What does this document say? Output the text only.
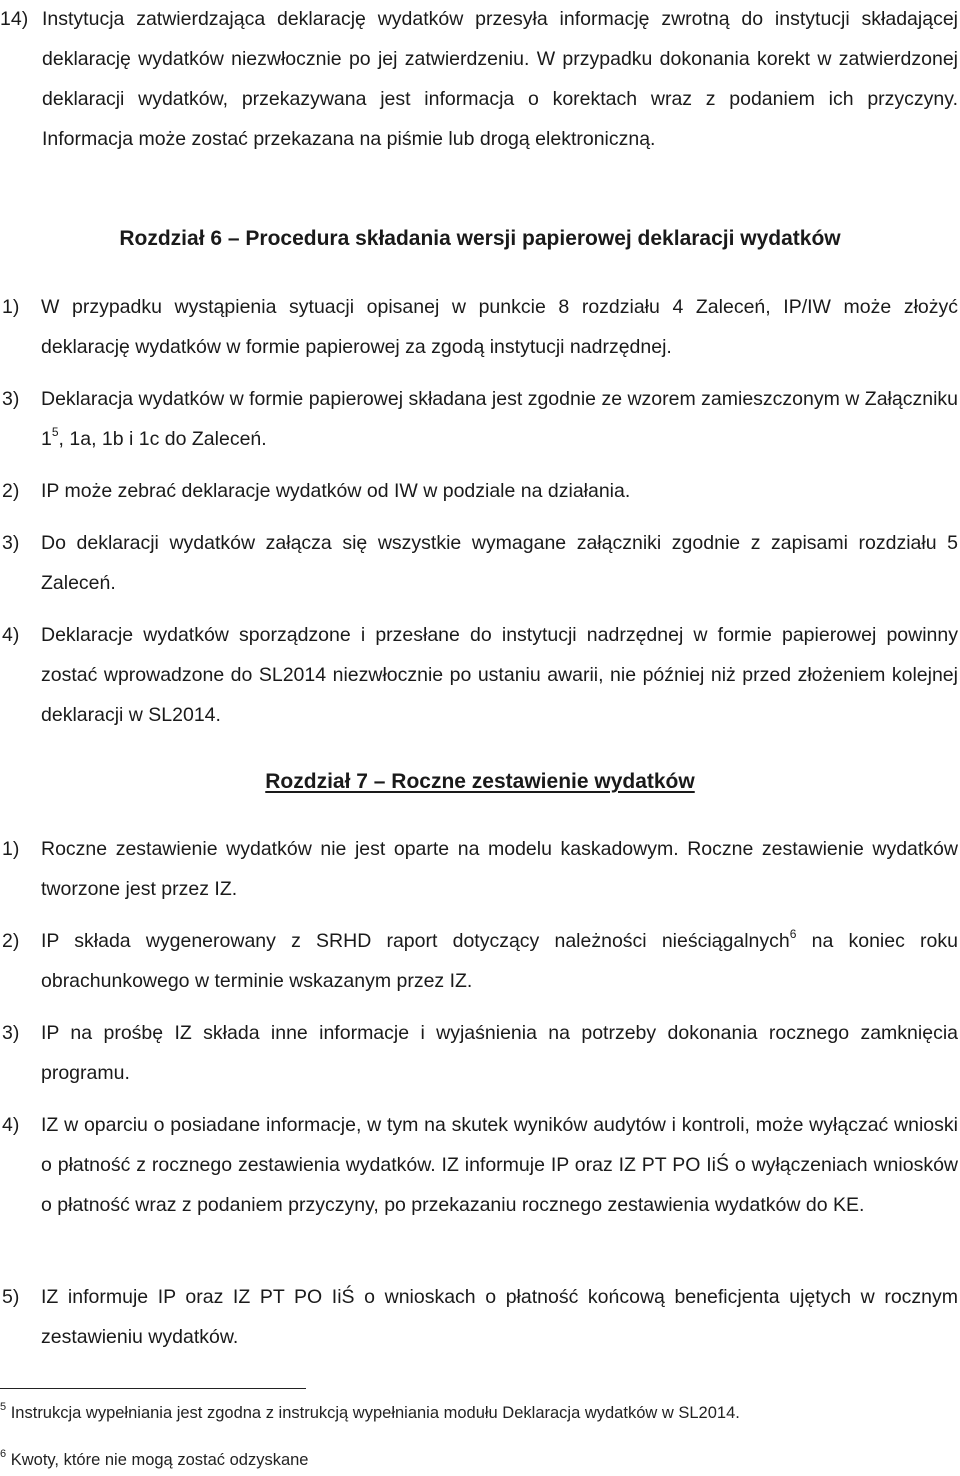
14) Instytucja zatwierdzająca deklarację wydatków przesyła informację zwrotną do instytucji składającej deklarację wydatków niezwłocznie po jej zatwierdzeniu. W przypadku dokonania korekt w zatwierdzonej deklaracji wydatków, przekazywana jest informacja o korektach wraz z podaniem ich przyczyny. Informacja może zostać przekazana na piśmie lub drogą elektroniczną.
Rozdział 6 – Procedura składania wersji papierowej deklaracji wydatków
1) W przypadku wystąpienia sytuacji opisanej w punkcie 8 rozdziału 4 Zaleceń, IP/IW może złożyć deklarację wydatków w formie papierowej za zgodą instytucji nadrzędnej.
3) Deklaracja wydatków w formie papierowej składana jest zgodnie ze wzorem zamieszczonym w Załączniku $1^5$, 1a, 1b i 1c do Zaleceń.
2) IP może zebrać deklaracje wydatków od IW w podziale na działania.
3) Do deklaracji wydatków załącza się wszystkie wymagane załączniki zgodnie z zapisami rozdziału 5 Zaleceń.
4) Deklaracje wydatków sporządzone i przesłane do instytucji nadrzędnej w formie papierowej powinny zostać wprowadzone do SL2014 niezwłocznie po ustaniu awarii, nie później niż przed złożeniem kolejnej deklaracji w SL2014.
Rozdział 7 – Roczne zestawienie wydatków
1) Roczne zestawienie wydatków nie jest oparte na modelu kaskadowym. Roczne zestawienie wydatków tworzone jest przez IZ.
2) IP składa wygenerowany z SRHD raport dotyczący należności nieściągalnych$^6$ na koniec roku obrachunkowego w terminie wskazanym przez IZ.
3) IP na prośbę IZ składa inne informacje i wyjaśnienia na potrzeby dokonania rocznego zamknięcia programu.
4) IZ w oparciu o posiadane informacje, w tym na skutek wyników audytów i kontroli, może wyłączać wnioski o płatność z rocznego zestawienia wydatków. IZ informuje IP oraz IZ PT PO IiŚ o wyłączeniach wniosków o płatność wraz z podaniem przyczyny, po przekazaniu rocznego zestawienia wydatków do KE.
5) IZ informuje IP oraz IZ PT PO IiŚ o wnioskach o płatność końcową beneficjenta ujętych w rocznym zestawieniu wydatków.
$^5$ Instrukcja wypełniania jest zgodna z instrukcją wypełniania modułu Deklaracja wydatków w SL2014.
$^6$ Kwoty, które nie mogą zostać odzyskane
